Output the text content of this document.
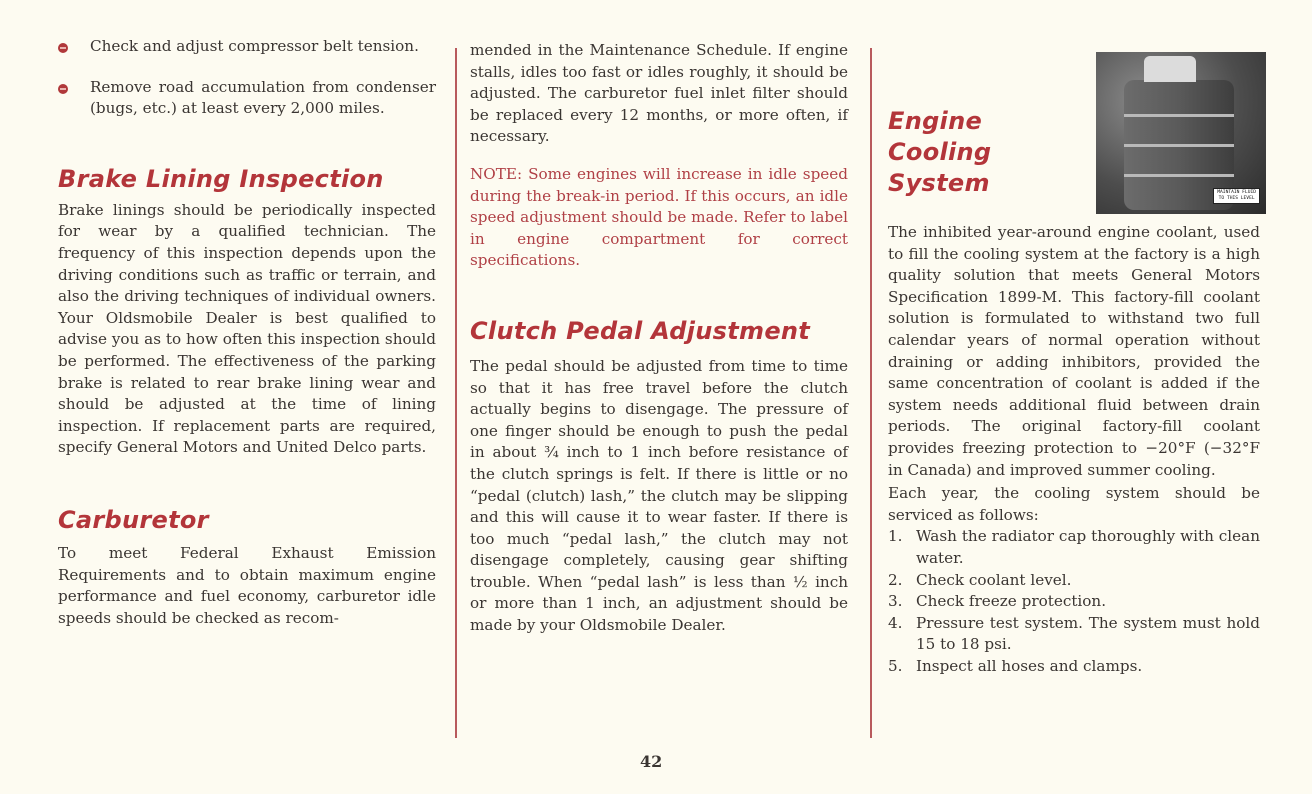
Check and adjust compressor belt tension.
Remove road accumulation from condenser (bugs, etc.) at least every 2,000 miles.
Brake Lining Inspection

Brake linings should be periodically inspected for wear by a qualified technician. The frequency of this inspection depends upon the driving conditions such as traffic or terrain, and also the driving techniques of individual owners. Your Oldsmobile Dealer is best qualified to advise you as to how often this inspection should be performed. The effectiveness of the parking brake is related to rear brake lining wear and should be adjusted at the time of lining inspection. If replacement parts are required, specify General Motors and United Delco parts.

Carburetor

To meet Federal Exhaust Emission Requirements and to obtain maximum engine performance and fuel economy, carburetor idle speeds should be checked as recom-

mended in the Maintenance Schedule. If engine stalls, idles too fast or idles roughly, it should be adjusted. The carburetor fuel inlet filter should be replaced every 12 months, or more often, if necessary.

NOTE: Some engines will increase in idle speed during the break-in period. If this occurs, an idle speed adjustment should be made. Refer to label in engine compartment for correct specifications.

Clutch Pedal Adjustment

The pedal should be adjusted from time to time so that it has free travel before the clutch actually begins to disengage. The pressure of one finger should be enough to push the pedal in about ¾ inch to 1 inch before resistance of the clutch springs is felt. If there is little or no “pedal (clutch) lash,” the clutch may be slipping and this will cause it to wear faster. If there is too much “pedal lash,” the clutch may not disengage completely, causing gear shifting trouble. When “pedal lash” is less than ½ inch or more than 1 inch, an adjustment should be made by your Oldsmobile Dealer.

Engine
Cooling
System	MAINTAIN FLUID
TO THIS LEVEL

The inhibited year-around engine coolant, used to fill the cooling system at the factory is a high quality solution that meets General Motors Specification 1899-M. This factory-fill coolant solution is formulated to withstand two full calendar years of normal operation without draining or adding inhibitors, provided the same concentration of coolant is added if the system needs additional fluid between drain periods. The original factory-fill coolant provides freezing protection to −20°F (−32°F in Canada) and improved summer cooling.

Each year, the cooling system should be serviced as follows:

1. Wash the radiator cap thoroughly with clean water.
2. Check coolant level.
3. Check freeze protection.
4. Pressure test system. The system must hold 15 to 18 psi.
5. Inspect all hoses and clamps.
42
